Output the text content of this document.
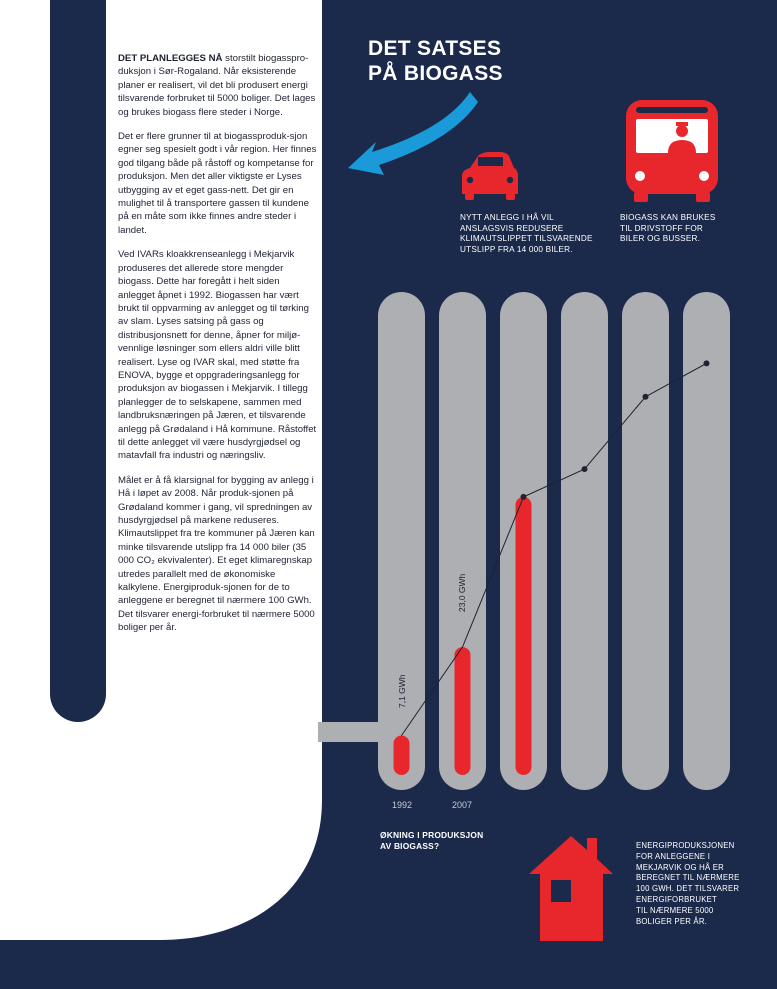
DET SATSES
PÅ BIOGASS

DET PLANLEGGES NÅ storstilt biogasspro- duksjon i Sør-Rogaland. Når eksisterende planer er realisert, vil det bli produsert energi tilsvarende forbruket til 5000 boliger. Det lages og brukes biogass flere steder i Norge.

Det er flere grunner til at biogassproduk-sjon egner seg spesielt godt i vår region. Her finnes god tilgang både på råstoff og kompetanse for produksjon. Men det aller viktigste er Lyses utbygging av et eget gass-nett. Det gir en mulighet til å transportere gassen til kundene på en måte som ikke finnes andre steder i landet.

Ved IVARs kloakkrenseanlegg i Mekjarvik produseres det allerede store mengder biogass. Dette har foregått i helt siden anlegget åpnet i 1992. Biogassen har vært brukt til oppvarming av anlegget og til tørking av slam. Lyses satsing på gass og distribusjonsnett for denne, åpner for miljø-vennlige løsninger som ellers aldri ville blitt realisert. Lyse og IVAR skal, med støtte fra ENOVA, bygge et oppgraderingsanlegg for produksjon av biogassen i Mekjarvik. I tillegg planlegger de to selskapene, sammen med landbruksnæringen på Jæren, et tilsvarende anlegg på Grødaland i Hå kommune. Råstoffet til dette anlegget vil være husdyrgjødsel og matavfall fra industri og næringsliv.

Målet er å få klarsignal for bygging av anlegg i Hå i løpet av 2008. Når produk-sjonen på Grødaland kommer i gang, vil spredningen av husdyrgjødsel på markene reduseres. Klimautslippet fra tre kommuner på Jæren kan minke tilsvarende utslipp fra 14 000 biler (35 000 CO₂ ekvivalenter). Et eget klimaregnskap utredes parallelt med de økonomiske kalkylene. Energiproduk-sjonen for de to anleggene er beregnet til nærmere 100 GWh. Det tilsvarer energi-forbruket til nærmere 5000 boliger per år.

NYTT ANLEGG I HÅ VIL
ANSLAGSVIS REDUSERE
KLIMAUTSLIPPET TILSVARENDE
UTSLIPP FRA 14 000 BILER.
BIOGASS KAN BRUKES
TIL DRIVSTOFF FOR
BILER OG BUSSER.
ØKNING I PRODUKSJON
AV BIOGASS?	ENERGIPRODUKSJONEN
FOR ANLEGGENE I
MEKJARVIK OG HÅ ER
BEREGNET TIL NÆRMERE
100 GWH. DET TILSVARER
ENERGIFORBRUKET
TIL NÆRMERE 5000
BOLIGER PER ÅR.
1992	2007
7,1 GWh
23,0 GWh
